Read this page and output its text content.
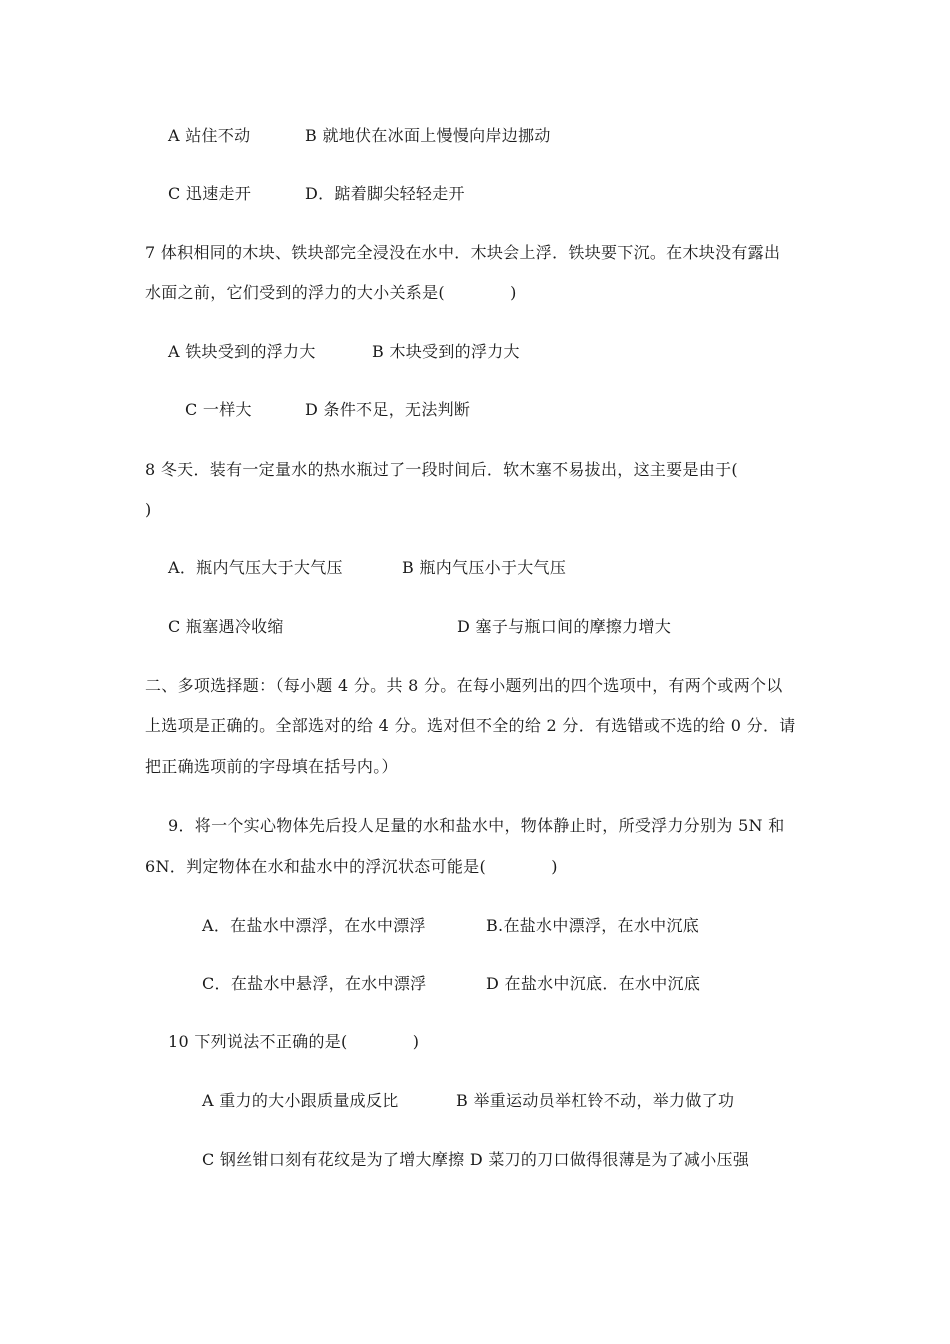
A 站住不动	B 就地伏在冰面上慢慢向岸边挪动
C 迅速走开	D．踮着脚尖轻轻走开
7 体积相同的木块、铁块部完全浸没在水中．木块会上浮．铁块要下沉。在木块没有露出
水面之前，它们受到的浮力的大小关系是(　　　　)
A 铁块受到的浮力大	B 木块受到的浮力大
C 一样大	D 条件不足，无法判断
8 冬天．装有一定量水的热水瓶过了一段时间后．软木塞不易拔出，这主要是由于(
)
A．瓶内气压大于大气压	B 瓶内气压小于大气压
C 瓶塞遇冷收缩	D 塞子与瓶口间的摩擦力增大
二、多项选择题：（每小题 4 分。共 8 分。在每小题列出的四个选项中，有两个或两个以
上选项是正确的。全部选对的给 4 分。选对但不全的给 2 分．有选错或不选的给 0 分．请
把正确选项前的字母填在括号内。）
9．将一个实心物体先后投人足量的水和盐水中，物体静止时，所受浮力分别为 5N 和
6N．判定物体在水和盐水中的浮沉状态可能是(　　　　)
A．在盐水中漂浮，在水中漂浮	B.在盐水中漂浮，在水中沉底
C．在盐水中悬浮，在水中漂浮	D 在盐水中沉底．在水中沉底
10 下列说法不正确的是(　　　　)
A 重力的大小跟质量成反比	B 举重运动员举杠铃不动，举力做了功
C 钢丝钳口刻有花纹是为了增大摩擦 D 菜刀的刀口做得很薄是为了减小压强
